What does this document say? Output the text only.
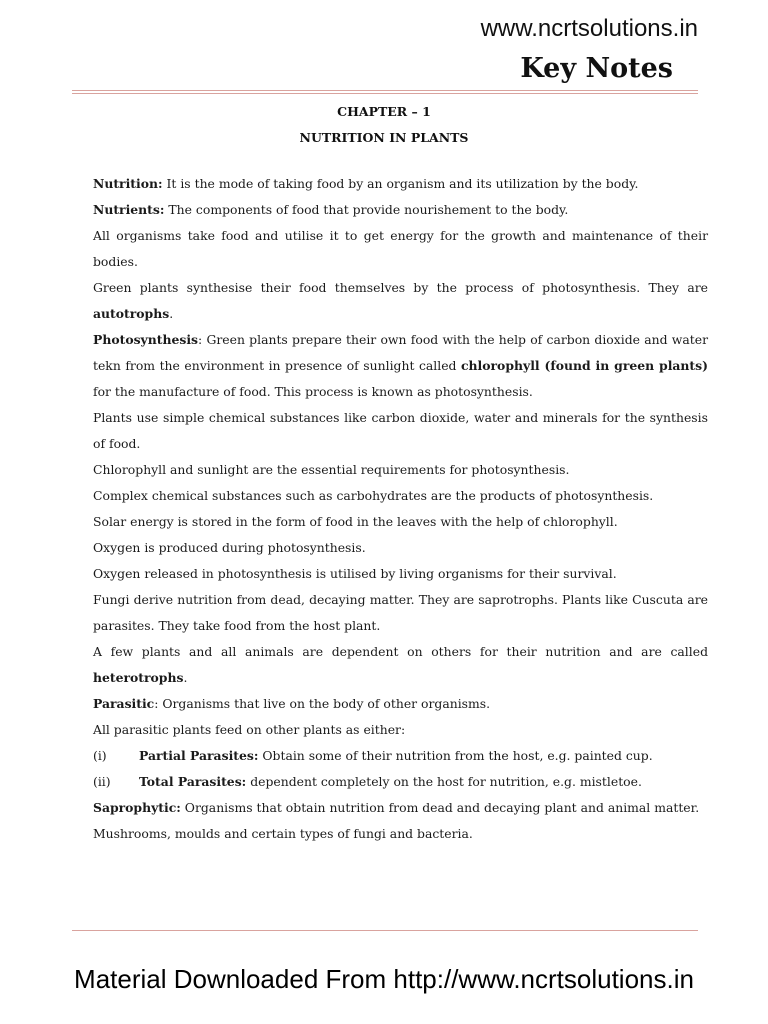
www.ncrtsolutions.in
Key Notes
CHAPTER – 1
NUTRITION IN PLANTS

Nutrition: It is the mode of taking food by an organism and its utilization by the body.

Nutrients: The components of food that provide nourishement to the body.

All organisms take food and utilise it to get energy for the growth and maintenance of their bodies.

Green plants synthesise their food themselves by the process of photosynthesis. They are autotrophs.

Photosynthesis: Green plants prepare their own food with the help of carbon dioxide and water tekn from the environment in presence of sunlight called chlorophyll (found in green plants) for the manufacture of food. This process is known as photosynthesis.

Plants use simple chemical substances like carbon dioxide, water and minerals for the synthesis of food.

Chlorophyll and sunlight are the essential requirements for photosynthesis.

Complex chemical substances such as carbohydrates are the products of photosynthesis.

Solar energy is stored in the form of food in the leaves with the help of chlorophyll.

Oxygen is produced during photosynthesis.

Oxygen released in photosynthesis is utilised by living organisms for their survival.

Fungi derive nutrition from dead, decaying matter. They are saprotrophs. Plants like Cuscuta are parasites. They take food from the host plant.

A few plants and all animals are dependent on others for their nutrition and are called heterotrophs.

Parasitic: Organisms that live on the body of other organisms.

All parasitic plants feed on other plants as either:

(i)	Partial Parasites: Obtain some of their nutrition from the host, e.g. painted cup.
(ii)	Total Parasites: dependent completely on the host for nutrition, e.g. mistletoe.

Saprophytic: Organisms that obtain nutrition from dead and decaying plant and animal matter.

Mushrooms, moulds and certain types of fungi and bacteria.

Material Downloaded From http://www.ncrtsolutions.in
